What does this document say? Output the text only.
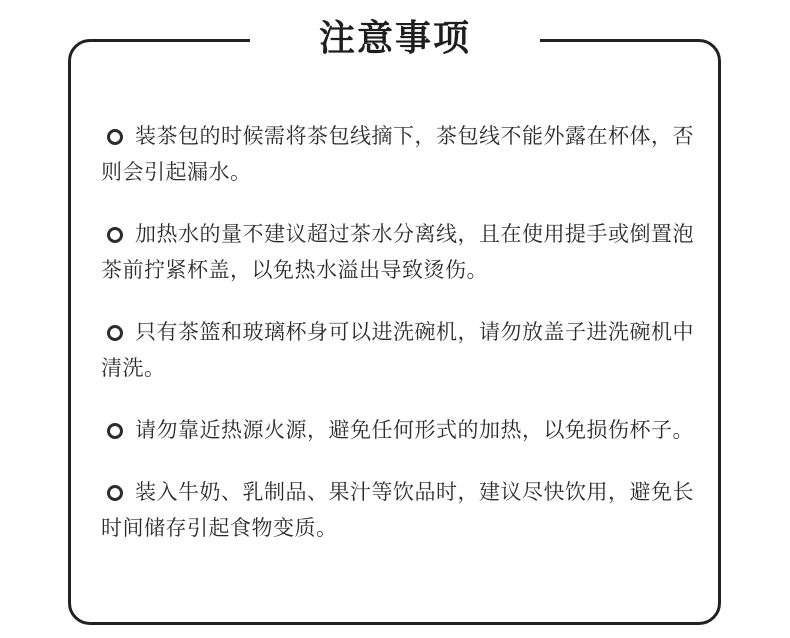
注意事项
装茶包的时候需将茶包线摘下，茶包线不能外露在杯体，否则会引起漏水。
加热水的量不建议超过茶水分离线，且在使用提手或倒置泡茶前拧紧杯盖，以免热水溢出导致烫伤。
只有茶篮和玻璃杯身可以进洗碗机，请勿放盖子进洗碗机中清洗。
请勿靠近热源火源，避免任何形式的加热，以免损伤杯子。
装入牛奶、乳制品、果汁等饮品时，建议尽快饮用，避免长时间储存引起食物变质。
